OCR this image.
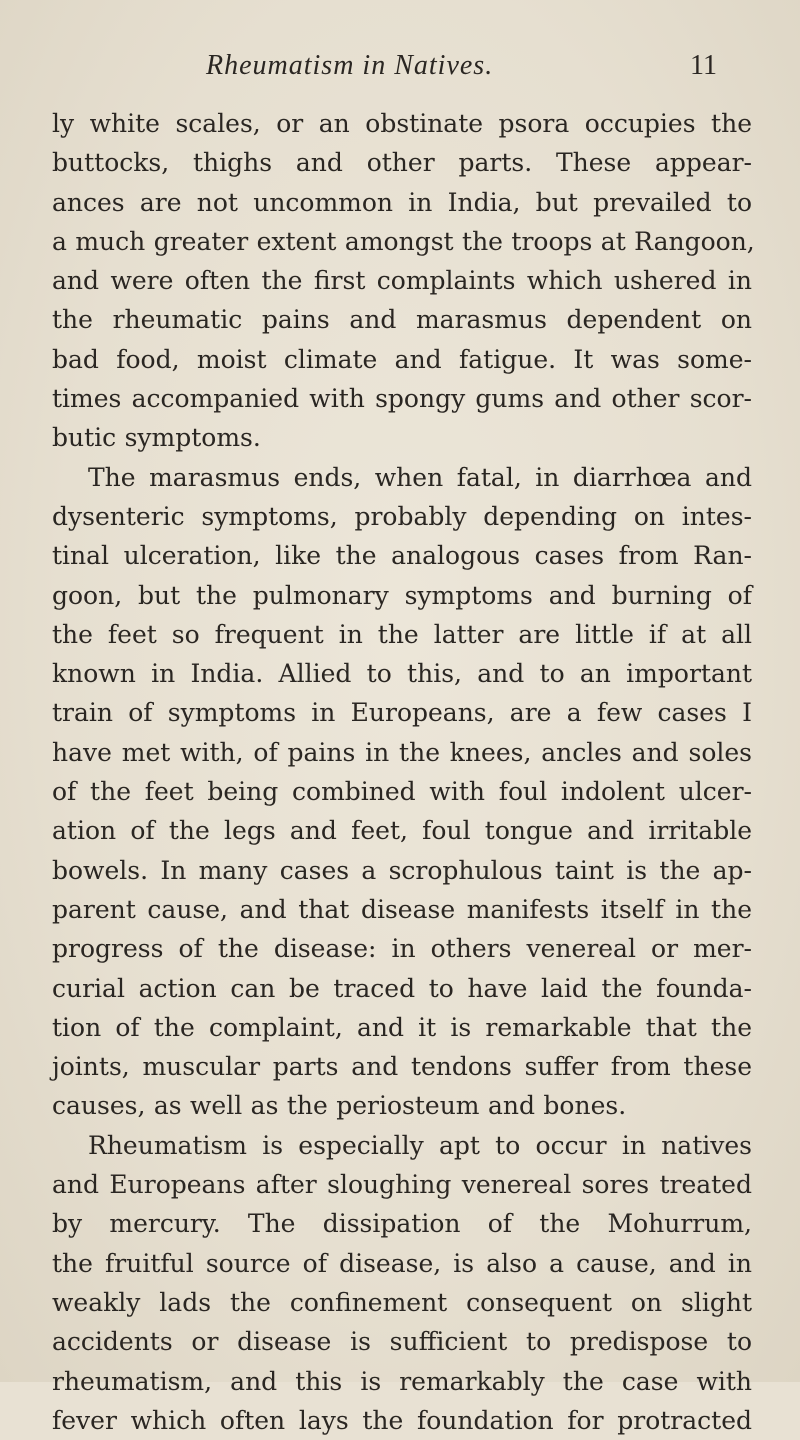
Rheumatism in Natives.	11
ly white scales, or an obstinate psora occupies the
buttocks, thighs and other parts. These appear-
ances are not uncommon in India, but prevailed to
a much greater extent amongst the troops at Rangoon,
and were often the first complaints which ushered in
the rheumatic pains and marasmus dependent on
bad food, moist climate and fatigue. It was some-
times accompanied with spongy gums and other scor-
butic symptoms.
The marasmus ends, when fatal, in diarrhœa and
dysenteric symptoms, probably depending on intes-
tinal ulceration, like the analogous cases from Ran-
goon, but the pulmonary symptoms and burning of
the feet so frequent in the latter are little if at all
known in India. Allied to this, and to an important
train of symptoms in Europeans, are a few cases I
have met with, of pains in the knees, ancles and soles
of the feet being combined with foul indolent ulcer-
ation of the legs and feet, foul tongue and irritable
bowels. In many cases a scrophulous taint is the ap-
parent cause, and that disease manifests itself in the
progress of the disease: in others venereal or mer-
curial action can be traced to have laid the founda-
tion of the complaint, and it is remarkable that the
joints, muscular parts and tendons suffer from these
causes, as well as the periosteum and bones.
Rheumatism is especially apt to occur in natives
and Europeans after sloughing venereal sores treated
by mercury. The dissipation of the Mohurrum,
the fruitful source of disease, is also a cause, and in
weakly lads the confinement consequent on slight
accidents or disease is sufficient to predispose to
rheumatism, and this is remarkably the case with
fever which often lays the foundation for protracted
